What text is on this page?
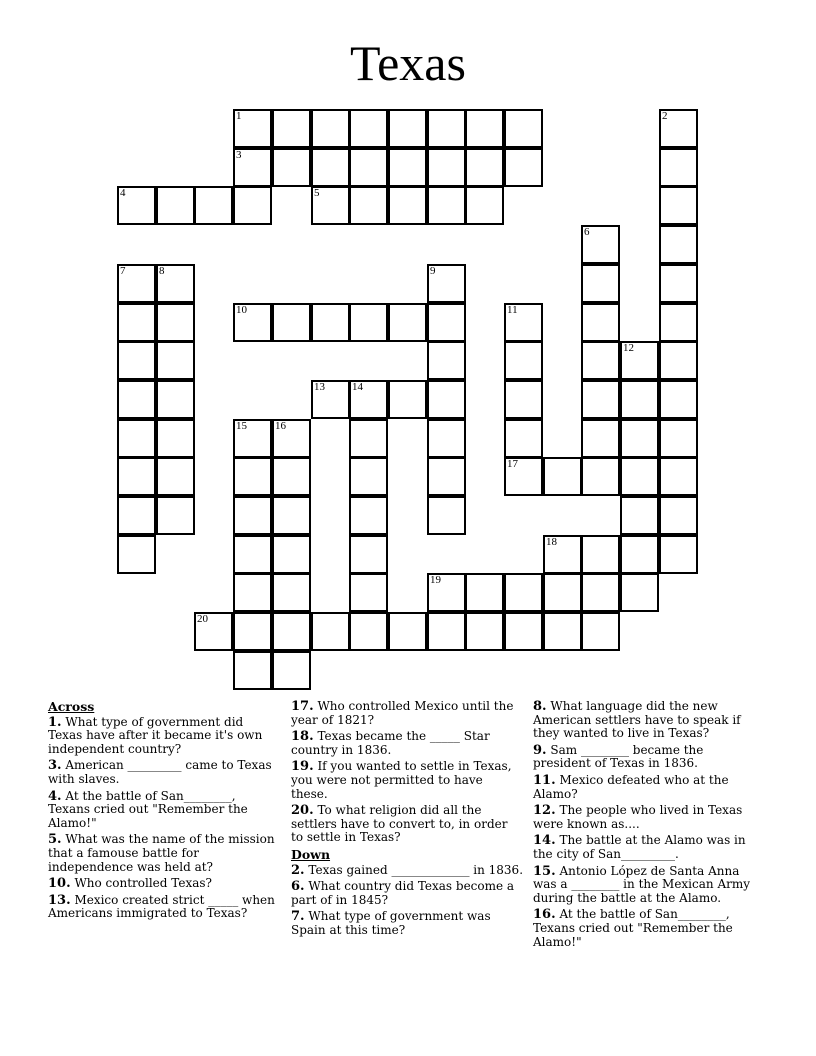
Texas
1	2
3
4	5
6
7	8	9
10	11
12
13 14
15	16
17
18
19
20
Across
1. What type of government did Texas have after it became it's own independent country?
3. American _________ came to Texas with slaves.
4. At the battle of San________, Texans cried out "Remember the Alamo!"
5. What was the name of the mission that a famouse battle for independence was held at?
10. Who controlled Texas?
13. Mexico created strict _____ when Americans immigrated to Texas?
17. Who controlled Mexico until the year of 1821?
18. Texas became the _____ Star country in 1836.
19. If you wanted to settle in Texas, you were not permitted to have these.
20. To what religion did all the settlers have to convert to, in order to settle in Texas?
Down
2. Texas gained _____________ in 1836.
6. What country did Texas become a part of in 1845?
7. What type of government was Spain at this time?
8. What language did the new American settlers have to speak if they wanted to live in Texas?
9. Sam ________ became the president of Texas in 1836.
11. Mexico defeated who at the Alamo?
12. The people who lived in Texas were known as....
14. The battle at the Alamo was in the city of San_________.
15. Antonio López de Santa Anna was a ________ in the Mexican Army during the battle at the Alamo.
16. At the battle of San________, Texans cried out "Remember the Alamo!"
